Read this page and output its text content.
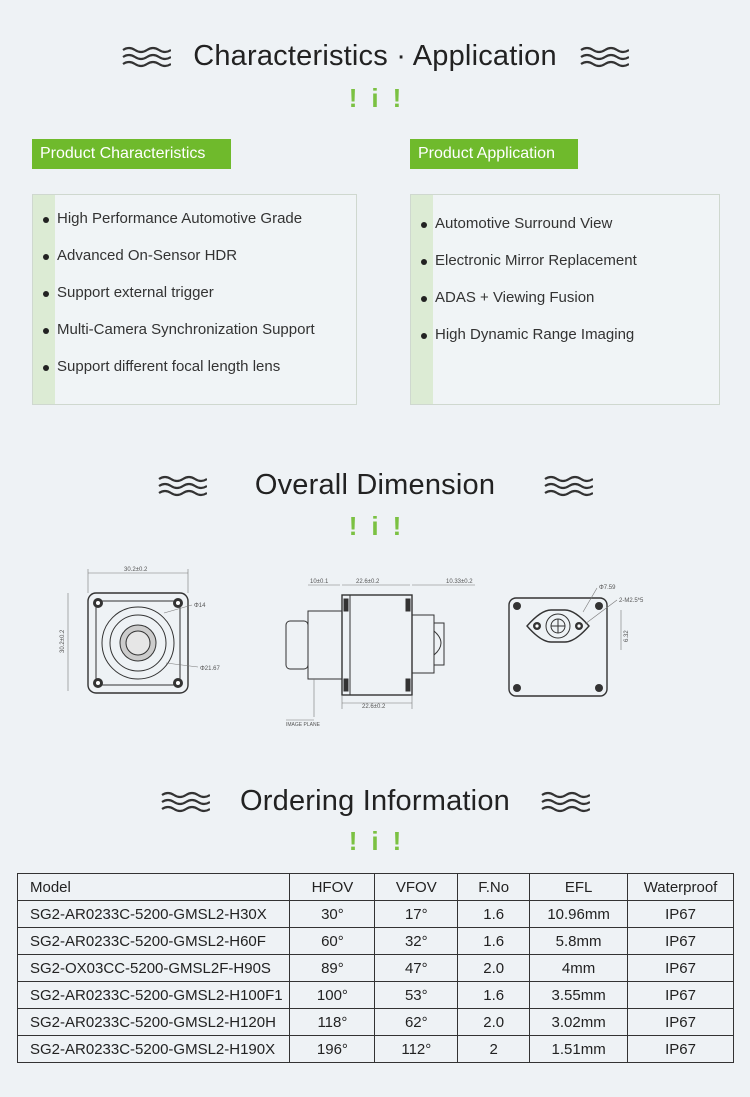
Characteristics · Application
! i !
Product Characteristics
High Performance Automotive Grade
Advanced On-Sensor HDR
Support external trigger
Multi-Camera Synchronization Support
Support different focal length lens
Product Application
Automotive Surround View
Electronic Mirror Replacement
ADAS + Viewing Fusion
High Dynamic Range Imaging
Overall Dimension
! i !
30.2±0.2
30.2±0.2
Φ14
Φ21.67
10±0.1	22.6±0.2	10.33±0.2
22.6±0.2
IMAGE PLANE
Φ7.59
2-M2.5*5
6.32
Ordering Information
! i !
Model	HFOV	VFOV	F.No	EFL	Waterproof
SG2-AR0233C-5200-GMSL2-H30X	30°	17°	1.6	10.96mm	IP67
SG2-AR0233C-5200-GMSL2-H60F	60°	32°	1.6	5.8mm	IP67
SG2-OX03CC-5200-GMSL2F-H90S	89°	47°	2.0	4mm	IP67
SG2-AR0233C-5200-GMSL2-H100F1	100°	53°	1.6	3.55mm	IP67
SG2-AR0233C-5200-GMSL2-H120H	118°	62°	2.0	3.02mm	IP67
SG2-AR0233C-5200-GMSL2-H190X	196°	112°	2	1.51mm	IP67
